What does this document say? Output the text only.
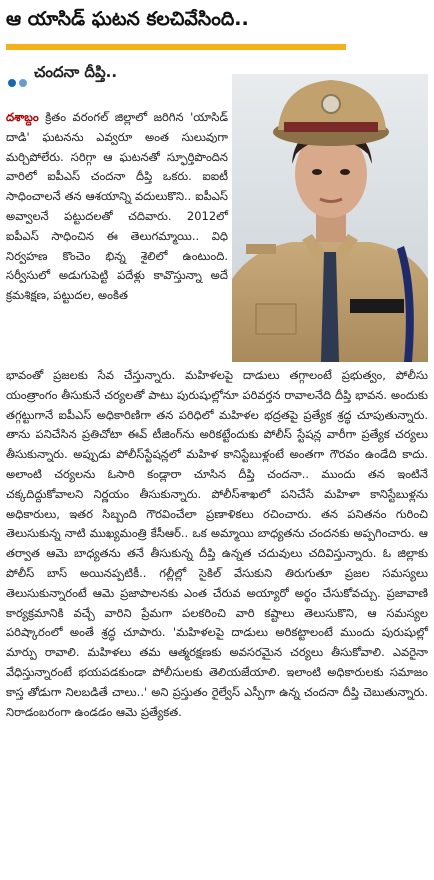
ఆ యాసిడ్ ఘటన కలచివేసింది..
చందనా దీప్తి..
దశాబ్దం క్రితం వరంగల్ జిల్లాలో జరిగిన 'యాసిడ్ దాడి' ఘటనను ఎవ్వరూ అంత సులువుగా మర్చిపోలేరు. సరిగ్గా ఆ ఘటనతో స్ఫూర్తిపొందిన వారిలో ఐపీఎస్ చందనా దీప్తి ఒకరు. ఐఐటీ సాధించాలనే తన ఆశయాన్ని వదులుకొని.. ఐపీఎస్ అవ్వాలనే పట్టుదలతో చదివారు. 2012లో ఐపీఎస్ సాధించిన ఈ తెలుగమ్మాయి.. విధి నిర్వహణ కొంచెం భిన్న శైలిలో ఉంటుంది. సర్వీసులో అడుగుపెట్టి పదేళ్లు కావొస్తున్నా అదే క్రమశిక్షణ, పట్టుదల, అంకిత
భావంతో ప్రజలకు సేవ చేస్తున్నారు. మహిళలపై దాడులు తగ్గాలంటే ప్రభుత్వం, పోలీసు యంత్రాంగం తీసుకునే చర్యలతో పాటు పురుషుల్లోనూ పరివర్తన రావాలనేది దీప్తి భావన. అందుకు తగ్గట్టుగానే ఐపీఎస్ అధికారిణిగా తన పరిధిలో మహిళల భద్రతపై ప్రత్యేక శ్రద్ధ చూపుతున్నారు. తాను పనిచేసిన ప్రతిచోటా ఈవ్ టీజింగ్‌ను అరికట్టేందుకు పోలీస్ స్టేషన్ల వారీగా ప్రత్యేక చర్యలు తీసుకున్నారు. అప్పుడు పోలీస్‌స్టేషన్లలో మహిళ కానిస్టేబుళ్లంటే అంతగా గౌరవం ఉండేది కాదు. అలాంటి చర్యలను ఓసారి కండ్లారా చూసిన దీప్తి చందనా.. ముందు తన ఇంటినే చక్కదిద్దుకోవాలని నిర్ణయం తీసుకున్నారు. పోలీస్‌శాఖలో పనిచేసే మహిళా కానిస్టేబుళ్లను అధికారులు, ఇతర సిబ్బంది గౌరవించేలా ప్రణాళికలు రచించారు. తన పనితనం గురించి తెలుసుకున్న నాటి ముఖ్యమంత్రి కేసీఆర్.. ఒక అమ్మాయి బాధ్యతను చందనకు అప్పగించారు. ఆ తర్వాత ఆమె బాధ్యతను తనే తీసుకున్న దీప్తి ఉన్నత చదువులు చదివిస్తున్నారు. ఓ జిల్లాకు పోలీస్ బాస్ అయినప్పటికీ.. గల్లీల్లో సైకిల్ వేసుకుని తిరుగుతూ ప్రజల సమస్యలు తెలుసుకున్నారంటే ఆమె ప్రజాపాలనకు ఎంత చేరువ అయ్యారో అర్థం చేసుకోవచ్చు. ప్రజావాణి కార్యక్రమానికి వచ్చే వారిని ప్రేమగా పలకరించి వారి కష్టాలు తెలుసుకొని, ఆ సమస్యల పరిష్కారంలో అంతే శ్రద్ధ చూపారు. 'మహిళలపై దాడులు అరికట్టాలంటే ముందు పురుషుల్లో మార్పు రావాలి. మహిళలు తమ ఆత్మరక్షణకు అవసరమైన చర్యలు తీసుకోవాలి. ఎవరైనా వేధిస్తున్నారంటే భయపడకుండా పోలీసులకు తెలియజేయాలి. ఇలాంటి అధికారులకు సమాజం కాస్త తోడుగా నిలబడితే చాలు..' అని ప్రస్తుతం రైల్వేస్ ఎస్పీగా ఉన్న చందనా దీప్తి చెబుతున్నారు. నిరాడంబరంగా ఉండడం ఆమె ప్రత్యేకత.
